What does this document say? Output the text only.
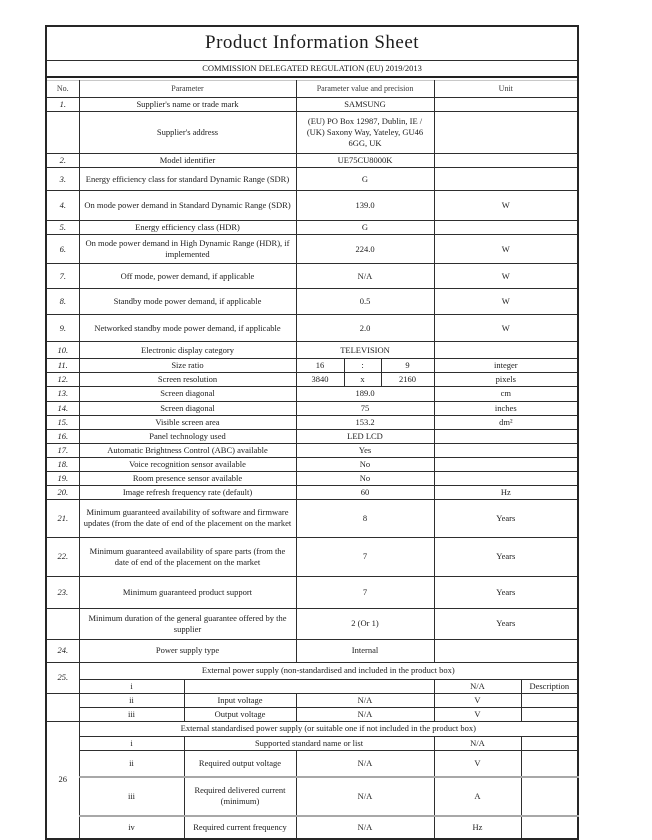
Product Information Sheet							
COMMISSION DELEGATED REGULATION (EU) 2019/2013							

No.	Parameter		Parameter value and precision			Unit	
1.	Supplier's name or trade mark		SAMSUNG				
	Supplier's address		(EU) PO Box 12987, Dublin, IE / (UK) Saxony Way, Yateley, GU46 6GG, UK				
2.	Model identifier		UE75CU8000K				
3.	Energy efficiency class for standard Dynamic Range (SDR)		G				
4.	On mode power demand in Standard Dynamic Range (SDR)		139.0			W	
5.	Energy efficiency class (HDR)		G				
6.	On mode power demand in High Dynamic Range (HDR), if implemented		224.0			W	
7.	Off mode, power demand, if applicable		N/A			W	
8.	Standby mode power demand, if applicable		0.5			W	
9.	Networked standby mode power demand, if applicable		2.0			W	
10.	Electronic display category		TELEVISION				
11.	Size ratio		16	:	9	integer	
12.	Screen resolution		3840	x	2160	pixels	
13.	Screen diagonal		189.0			cm	
14.	Screen diagonal		75			inches	
15.	Visible screen area		153.2			dm²	
16.	Panel technology used		LED LCD				
17.	Automatic Brightness Control (ABC) available		Yes				
18.	Voice recognition sensor available		No				
19.	Room presence sensor available		No				
20.	Image refresh frequency rate (default)		60			Hz	
21.	Minimum guaranteed availability of software and firmware updates (from the date of end of the placement on the market		8			Years	
22.	Minimum guaranteed availability of spare parts (from the date of end of the placement on the market		7			Years	
23.	Minimum guaranteed product support		7			Years	
	Minimum duration of the general guarantee offered by the supplier		2 (Or 1)			Years	
24.	Power supply type		Internal				
25.	External power supply (non-standardised and included in the product box)						
	i					N/A	Description
	ii	Input voltage	N/A			V	
	iii	Output voltage	N/A			V	
26	External standardised power supply (or suitable one if not included in the product box)						
	i	Supported standard name or list				N/A	
	ii	Required output voltage	N/A			V	
	iii	Required delivered current (minimum)	N/A			A	
	iv	Required current frequency	N/A			Hz	
